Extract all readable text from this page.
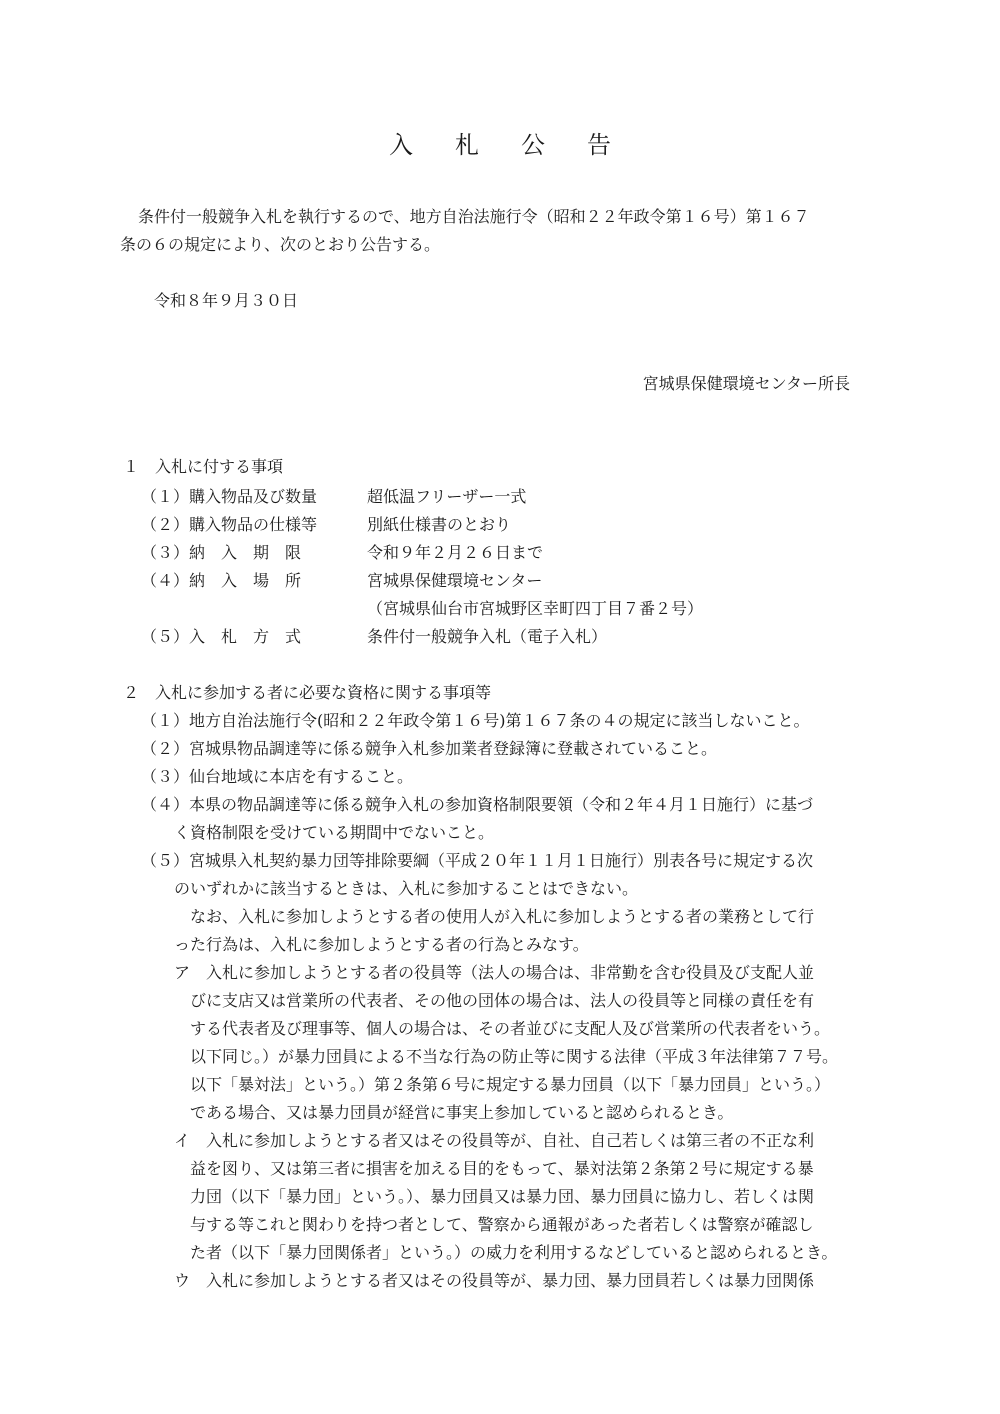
入札公告
条件付一般競争入札を執行するので、地方自治法施行令（昭和２２年政令第１６号）第１６７
条の６の規定により、次のとおり公告する。
令和８年９月３０日
宮城県保健環境センター所長
１　入札に付する事項
（１）購入物品及び数量	超低温フリーザー一式
（２）購入物品の仕様等	別紙仕様書のとおり
（３）納　入　期　限	令和９年２月２６日まで
（４）納　入　場　所	宮城県保健環境センター
（宮城県仙台市宮城野区幸町四丁目７番２号）
（５）入　札　方　式	条件付一般競争入札（電子入札）
２　入札に参加する者に必要な資格に関する事項等
（１）地方自治法施行令(昭和２２年政令第１６号)第１６７条の４の規定に該当しないこと。
（２）宮城県物品調達等に係る競争入札参加業者登録簿に登載されていること。
（３）仙台地域に本店を有すること。
（４）本県の物品調達等に係る競争入札の参加資格制限要領（令和２年４月１日施行）に基づ
く資格制限を受けている期間中でないこと。
（５）宮城県入札契約暴力団等排除要綱（平成２０年１１月１日施行）別表各号に規定する次
のいずれかに該当するときは、入札に参加することはできない。
なお、入札に参加しようとする者の使用人が入札に参加しようとする者の業務として行
った行為は、入札に参加しようとする者の行為とみなす。
ア　入札に参加しようとする者の役員等（法人の場合は、非常勤を含む役員及び支配人並
びに支店又は営業所の代表者、その他の団体の場合は、法人の役員等と同様の責任を有
する代表者及び理事等、個人の場合は、その者並びに支配人及び営業所の代表者をいう。
以下同じ。）が暴力団員による不当な行為の防止等に関する法律（平成３年法律第７７号。
以下「暴対法」という。）第２条第６号に規定する暴力団員（以下「暴力団員」という。）
である場合、又は暴力団員が経営に事実上参加していると認められるとき。
イ　入札に参加しようとする者又はその役員等が、自社、自己若しくは第三者の不正な利
益を図り、又は第三者に損害を加える目的をもって、暴対法第２条第２号に規定する暴
力団（以下「暴力団」という。）、暴力団員又は暴力団、暴力団員に協力し、若しくは関
与する等これと関わりを持つ者として、警察から通報があった者若しくは警察が確認し
た者（以下「暴力団関係者」という。）の威力を利用するなどしていると認められるとき。
ウ　入札に参加しようとする者又はその役員等が、暴力団、暴力団員若しくは暴力団関係
